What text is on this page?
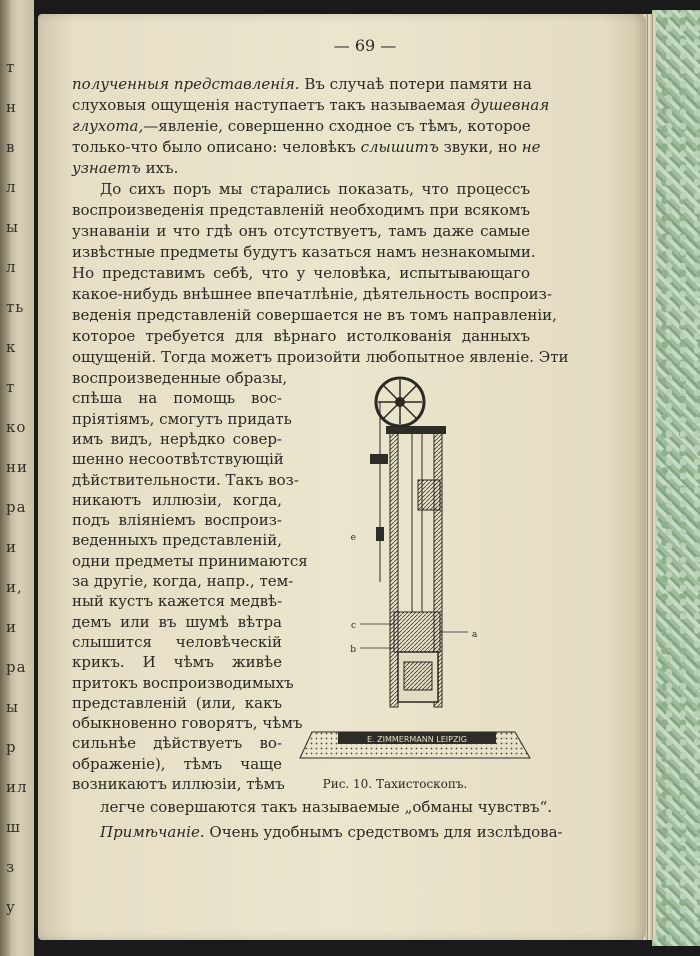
т
н
в
л
ы
л
ть
к
т
ко
ни
ра
и
и,
и
ра
ы
р
ил
ш
з
у
— 69 —
полученныя представленія. Въ случаѣ потери памяти на
слуховыя ощущенія наступаетъ такъ называемая душевная
глухота,—явленіе, совершенно сходное съ тѣмъ, которое
только-что было описано: человѣкъ слышитъ звуки, но не
узнаетъ ихъ.
До сихъ поръ мы старались показать, что процессъ
воспроизведенія представленій необходимъ при всякомъ
узнаваніи и что гдѣ онъ отсутствуетъ, тамъ даже самые
извѣстные предметы будутъ казаться намъ незнакомыми.
Но представимъ себѣ, что у человѣка, испытывающаго
какое-нибудь внѣшнее впечатлѣніе, дѣятельность воспроиз-
веденія представленій совершается не въ томъ направленіи,
которое требуется для вѣрнаго истолкованія данныхъ
ощущеній. Тогда можетъ произойти любопытное явленіе. Эти
воспроизведенные образы,
спѣша на помощь вос-
пріятіямъ, смогутъ придать
имъ видъ, нерѣдко совер-
шенно несоотвѣтствующій
дѣйствительности. Такъ воз-
никаютъ иллюзіи, когда,
подъ вліяніемъ воспроиз-
веденныхъ представленій,
одни предметы принимаются
за другіе, когда, напр., тем-
ный кустъ кажется медвѣ-
демъ или въ шумѣ вѣтра
слышится человѣческій
крикъ. И чѣмъ живѣе
притокъ воспроизводимыхъ
представленій (или, какъ
обыкновенно говорятъ, чѣмъ
сильнѣе дѣйствуетъ во-
ображеніе), тѣмъ чаще
возникаютъ иллюзіи, тѣмъ
легче совершаются такъ называемые „обманы чувствъ“.
Примѣчаніе. Очень удобнымъ средствомъ для изслѣдова-
E. ZIMMERMANN LEIPZIG
a
e
c
b
Рис. 10. Тахистоскопъ.
